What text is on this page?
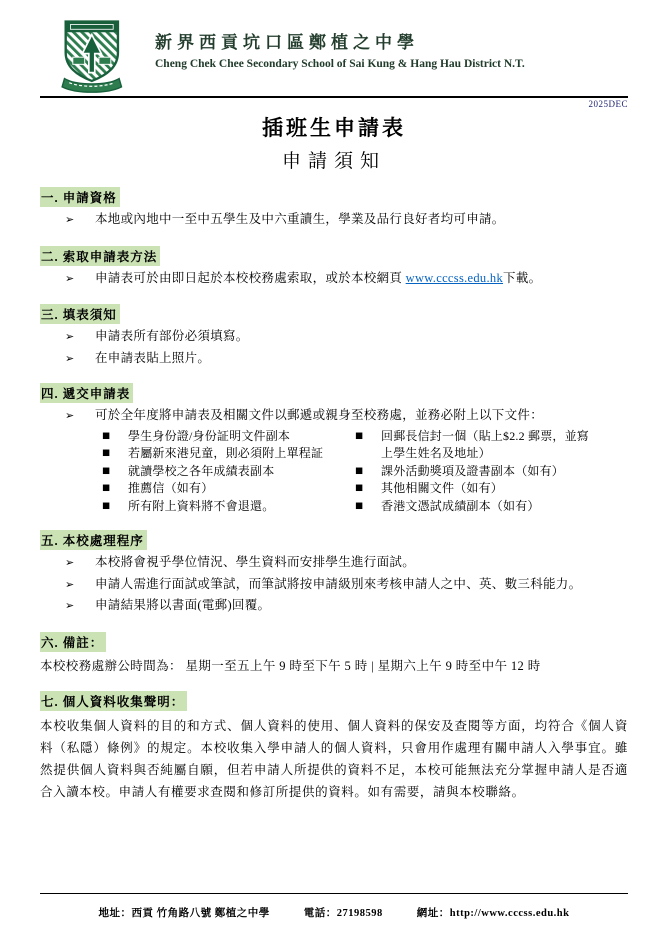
新界西貢坑口區鄭植之中學
Cheng Chek Chee Secondary School of Sai Kung & Hang Hau District N.T.
2025DEC
插班生申請表
申請須知
一. 申請資格
➢	本地或內地中一至中五學生及中六重讀生，學業及品行良好者均可申請。
二. 索取申請表方法
➢	申請表可於由即日起於本校校務處索取，或於本校網頁 www.cccss.edu.hk下載。
三. 填表須知
➢	申請表所有部份必須填寫。
➢	在申請表貼上照片。
四. 遞交申請表
➢	可於全年度將申請表及相關文件以郵遞或親身至校務處，並務必附上以下文件：
■	學生身份證/身份証明文件副本
■	若屬新來港兒童，則必須附上單程証
■	就讀學校之各年成績表副本
■	推薦信（如有）
■	所有附上資料將不會退還。
■	回郵長信封一個（貼上$2.2 郵票，並寫
上學生姓名及地址）
■	課外活動獎項及證書副本（如有）
■	其他相關文件（如有）
■	香港文憑試成績副本（如有）
五. 本校處理程序
➢	本校將會視乎學位情況、學生資料而安排學生進行面試。
➢	申請人需進行面試或筆試，而筆試將按申請級別來考核申請人之中、英、數三科能力。
➢	申請結果將以書面(電郵)回覆。
六. 備註：
本校校務處辦公時間為： 星期一至五上午 9 時至下午 5 時 | 星期六上午 9 時至中午 12 時
七. 個人資料收集聲明：
本校收集個人資料的目的和方式、個人資料的使用、個人資料的保安及查閱等方面，均符合《個人資料（私隱）條例》的規定。本校收集入學申請人的個人資料，只會用作處理有關申請人入學事宜。雖然提供個人資料與否純屬自願，但若申請人所提供的資料不足，本校可能無法充分掌握申請人是否適合入讀本校。申請人有權要求查閱和修訂所提供的資料。如有需要，請與本校聯絡。
地址：西貢 竹角路八號 鄭植之中學	電話：27198598	網址：http://www.cccss.edu.hk
